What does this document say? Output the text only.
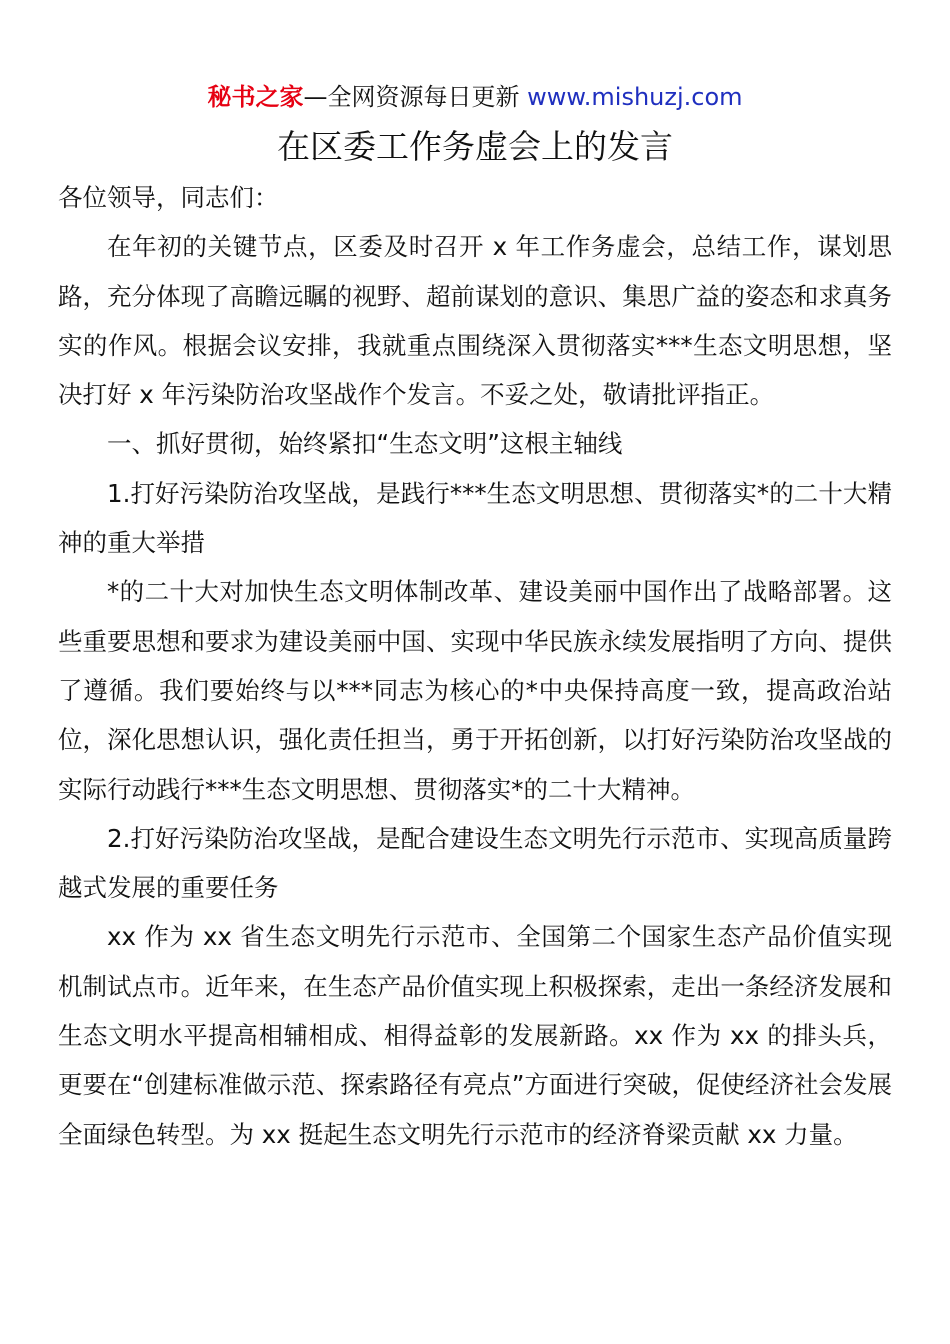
秘书之家—全网资源每日更新 www.mishuzj.com
在区委工作务虚会上的发言

各位领导，同志们：

在年初的关键节点，区委及时召开 x 年工作务虚会，总结工作，谋划思路，充分体现了高瞻远瞩的视野、超前谋划的意识、集思广益的姿态和求真务实的作风。根据会议安排，我就重点围绕深入贯彻落实***生态文明思想，坚决打好 x 年污染防治攻坚战作个发言。不妥之处，敬请批评指正。

一、抓好贯彻，始终紧扣“生态文明”这根主轴线

1.打好污染防治攻坚战，是践行***生态文明思想、贯彻落实*的二十大精神的重大举措

*的二十大对加快生态文明体制改革、建设美丽中国作出了战略部署。这些重要思想和要求为建设美丽中国、实现中华民族永续发展指明了方向、提供了遵循。我们要始终与以***同志为核心的*中央保持高度一致，提高政治站位，深化思想认识，强化责任担当，勇于开拓创新，以打好污染防治攻坚战的实际行动践行***生态文明思想、贯彻落实*的二十大精神。

2.打好污染防治攻坚战，是配合建设生态文明先行示范市、实现高质量跨越式发展的重要任务

xx 作为 xx 省生态文明先行示范市、全国第二个国家生态产品价值实现机制试点市。近年来，在生态产品价值实现上积极探索，走出一条经济发展和生态文明水平提高相辅相成、相得益彰的发展新路。xx 作为 xx 的排头兵，更要在“创建标准做示范、探索路径有亮点”方面进行突破，促使经济社会发展全面绿色转型。为 xx 挺起生态文明先行示范市的经济脊梁贡献 xx 力量。
